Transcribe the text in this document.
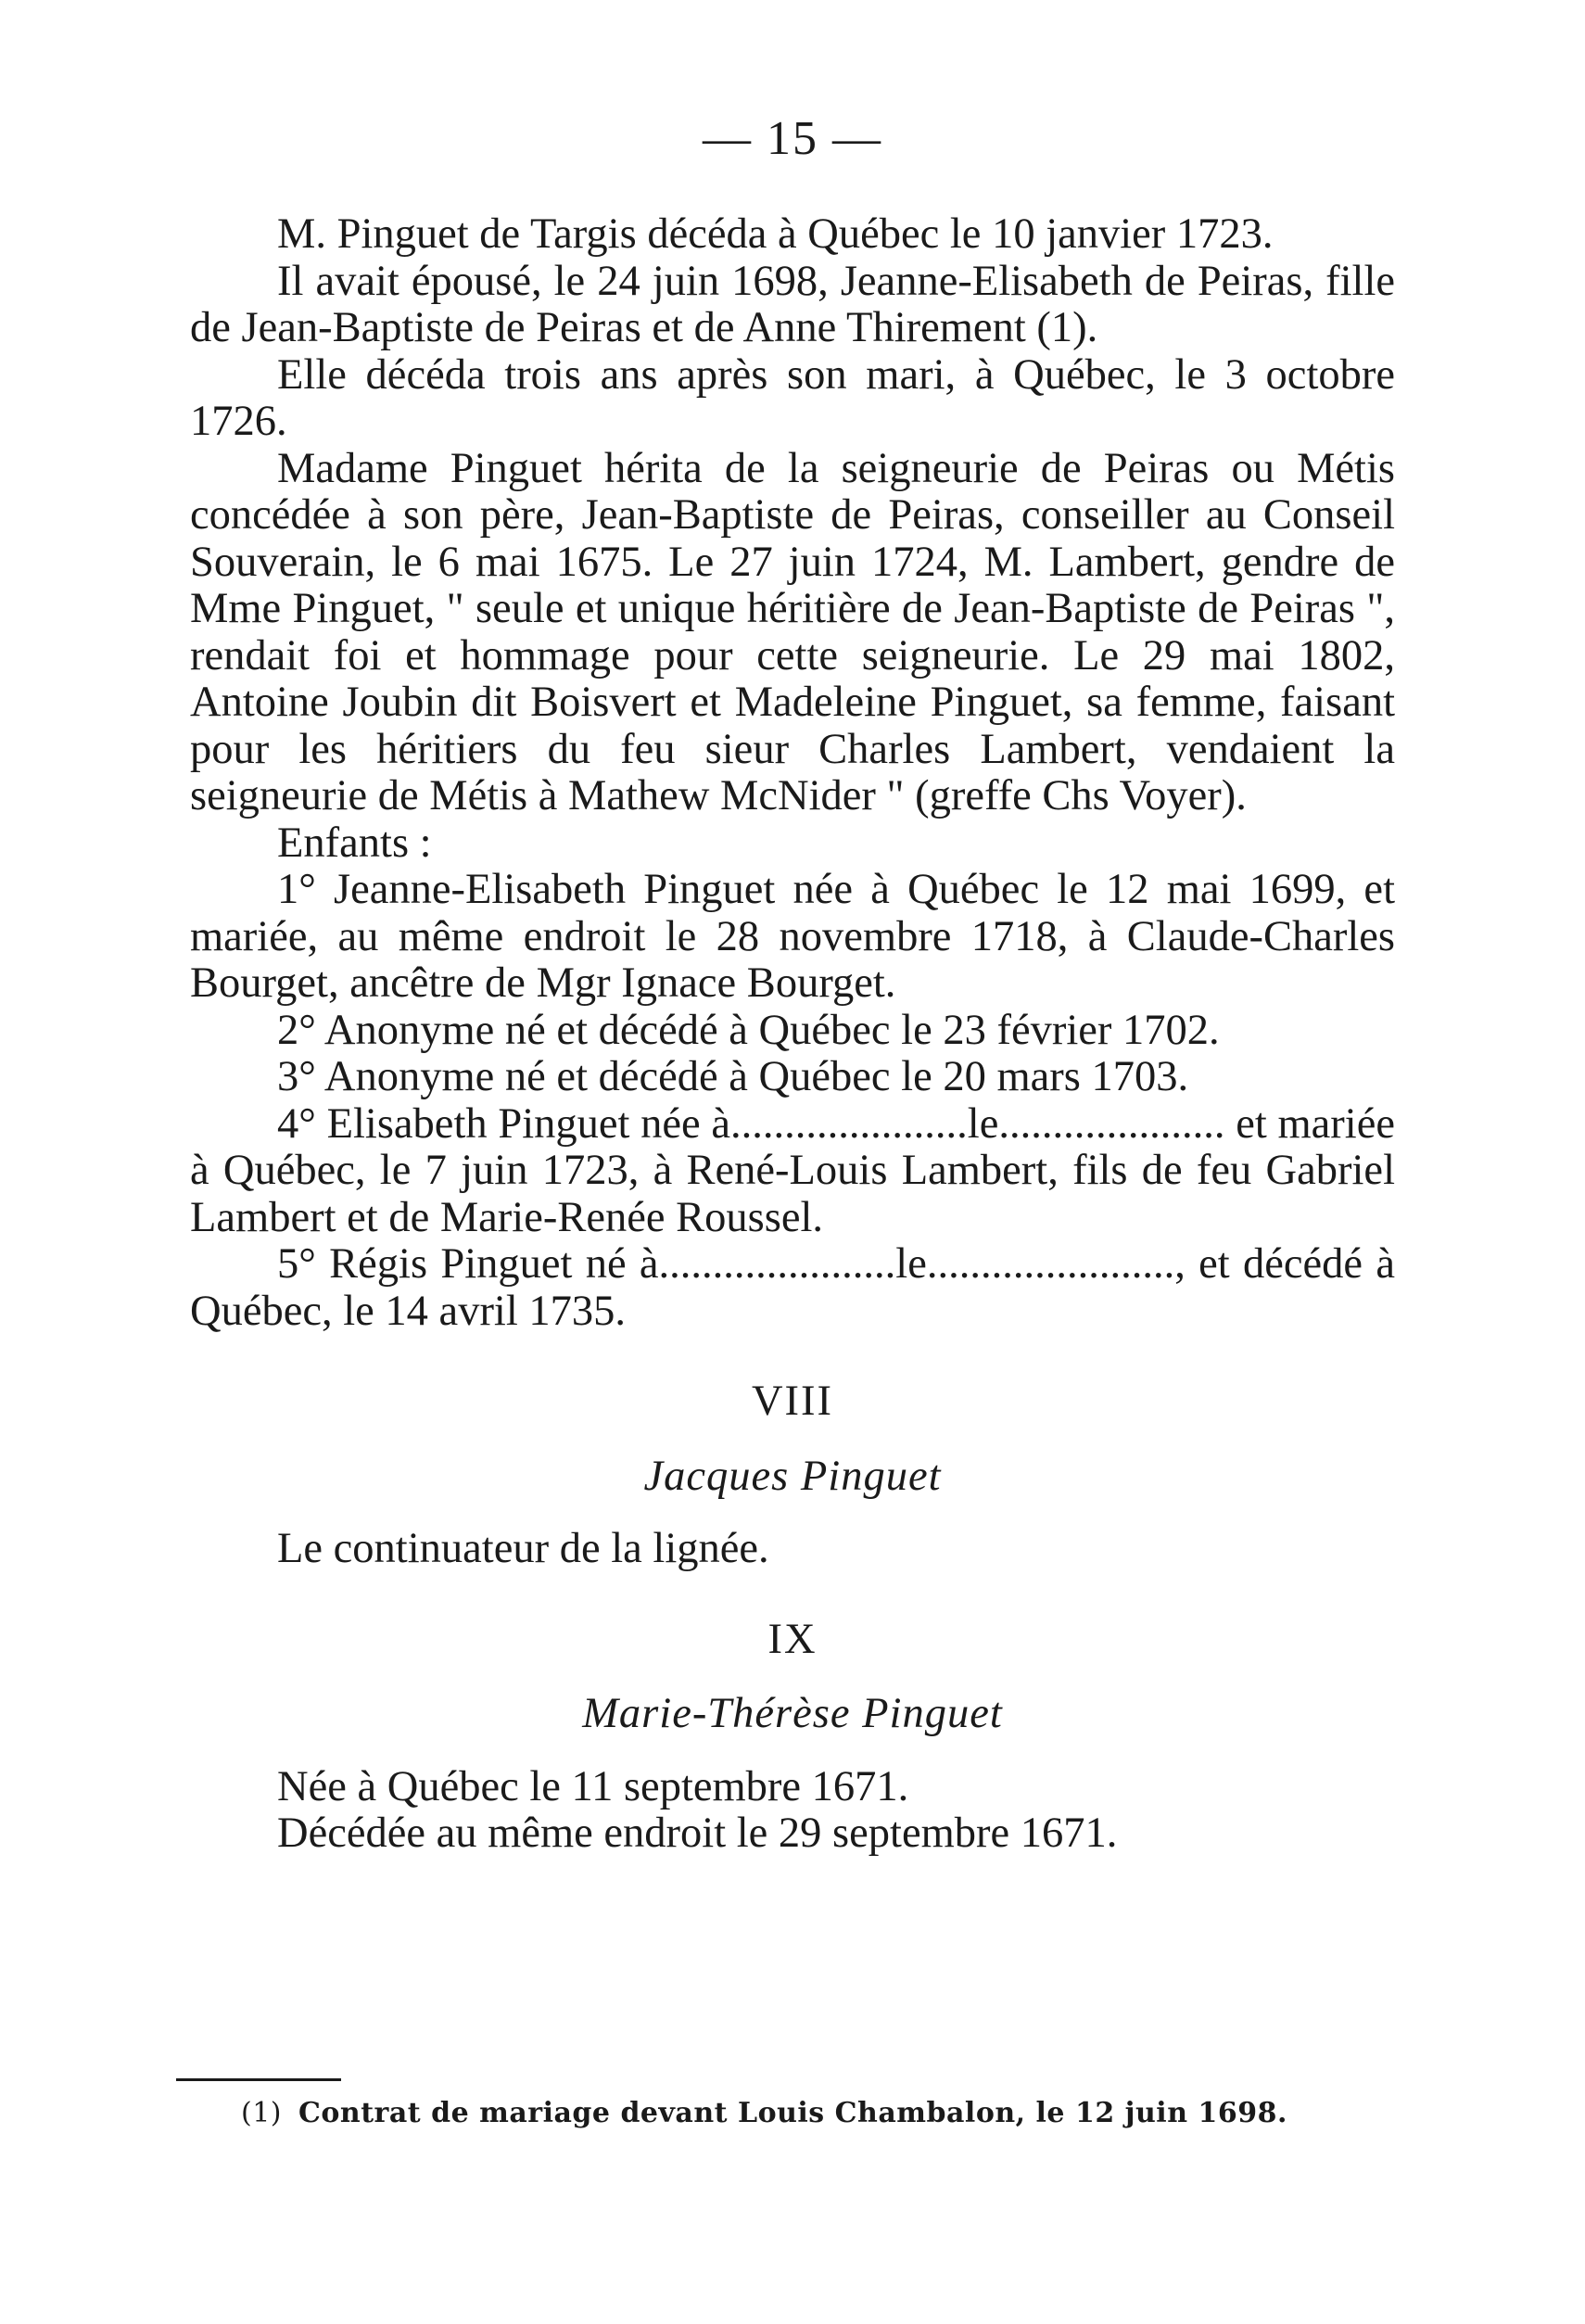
— 15 —

M. Pinguet de Targis décéda à Québec le 10 janvier 1723.

Il avait épousé, le 24 juin 1698, Jeanne-Elisabeth de Peiras, fille de Jean-Baptiste de Peiras et de Anne Thirement (1).

Elle décéda trois ans après son mari, à Québec, le 3 octobre 1726.

Madame Pinguet hérita de la seigneurie de Peiras ou Métis concédée à son père, Jean-Baptiste de Peiras, conseiller au Conseil Souverain, le 6 mai 1675. Le 27 juin 1724, M. Lambert, gendre de Mme Pinguet, " seule et unique héritière de Jean-Baptiste de Peiras ", rendait foi et hommage pour cette seigneurie. Le 29 mai 1802, Antoine Joubin dit Boisvert et Madeleine Pinguet, sa femme, faisant pour les héritiers du feu sieur Charles Lambert, vendaient la seigneurie de Métis à Mathew McNider " (greffe Chs Voyer).

Enfants :

1° Jeanne-Elisabeth Pinguet née à Québec le 12 mai 1699, et mariée, au même endroit le 28 novembre 1718, à Claude-Charles Bourget, ancêtre de Mgr Ignace Bourget.

2° Anonyme né et décédé à Québec le 23 février 1702.

3° Anonyme né et décédé à Québec le 20 mars 1703.

4° Elisabeth Pinguet née à......................le..................... et mariée à Québec, le 7 juin 1723, à René-Louis Lambert, fils de feu Gabriel Lambert et de Marie-Renée Roussel.

5° Régis Pinguet né à......................le......................., et décédé à Québec, le 14 avril 1735.

VIII

Jacques Pinguet

Le continuateur de la lignée.

IX

Marie-Thérèse Pinguet

Née à Québec le 11 septembre 1671.

Décédée au même endroit le 29 septembre 1671.

(1) Contrat de mariage devant Louis Chambalon, le 12 juin 1698.
